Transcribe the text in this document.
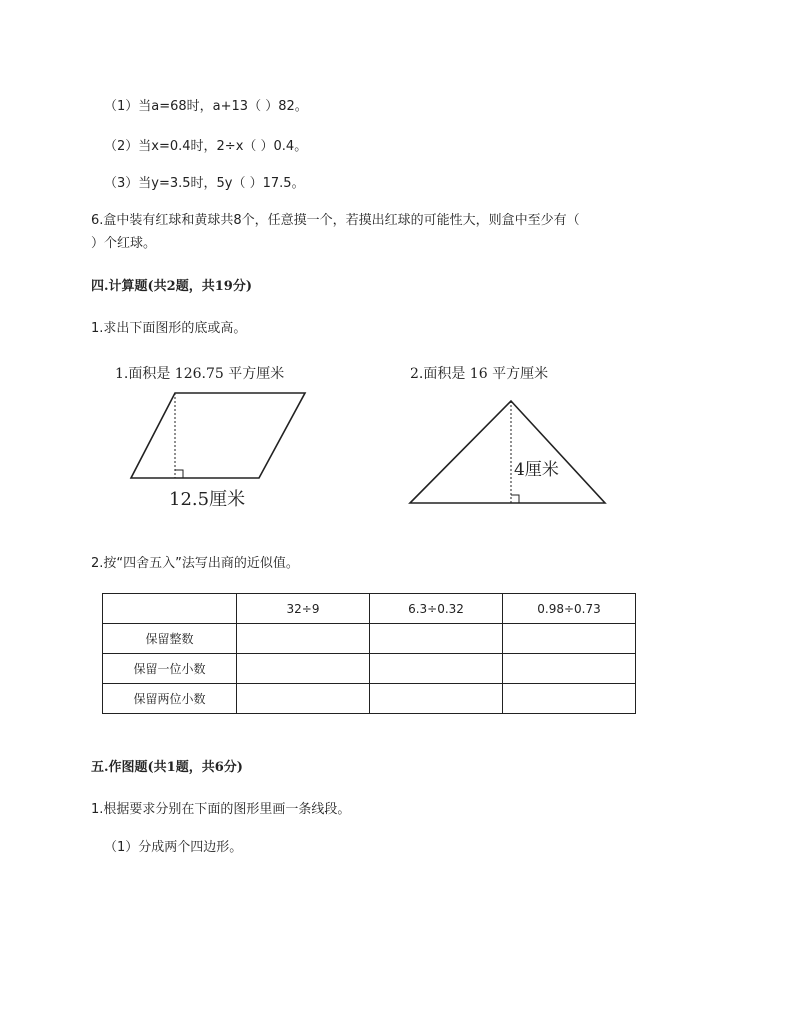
（1）当a=68时，a+13（ ）82。
（2）当x=0.4时，2÷x（ ）0.4。
（3）当y=3.5时，5y（ ）17.5。
6.盒中装有红球和黄球共8个，任意摸一个，若摸出红球的可能性大，则盒中至少有（
）个红球。
四.计算题(共2题，共19分)
1.求出下面图形的底或高。
1.面积是 126.75 平方厘米	2.面积是 16 平方厘米
12.5厘米
4厘米
2.按“四舍五入”法写出商的近似值。
	32÷9	6.3÷0.32	0.98÷0.73
保留整数			
保留一位小数			
保留两位小数			
五.作图题(共1题，共6分)
1.根据要求分别在下面的图形里画一条线段。
（1）分成两个四边形。
